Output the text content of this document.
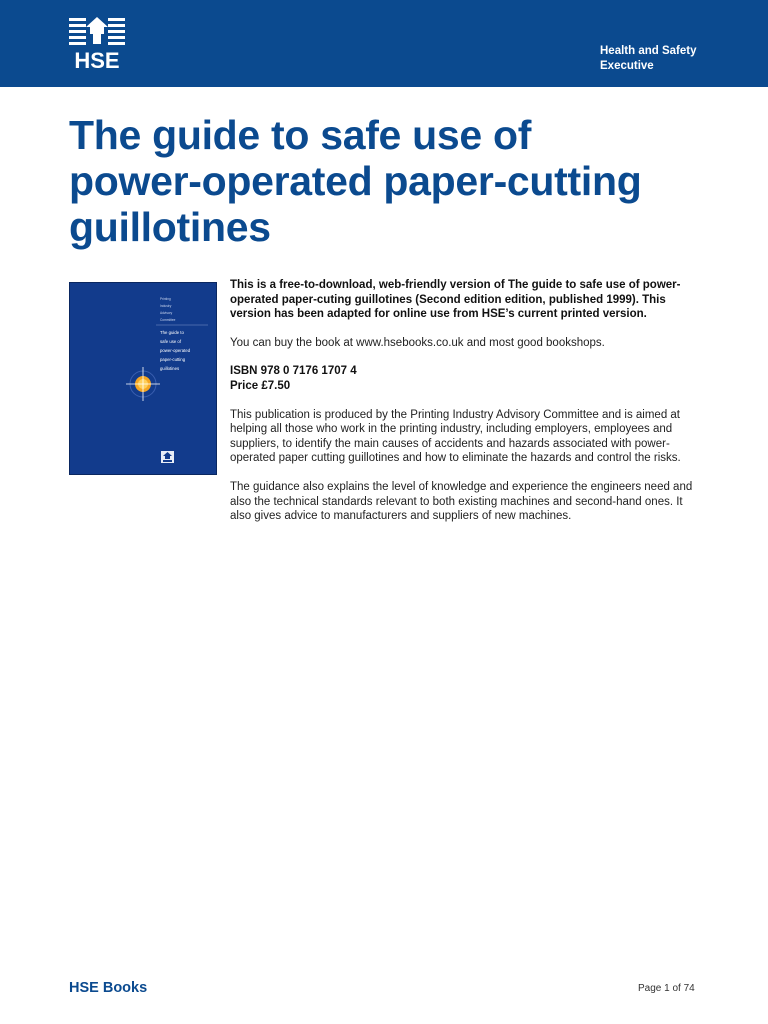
HSE	Health and Safety
Executive
The guide to safe use of
power-operated paper-cutting
guillotines
Printing
Industry
Advisory
Committee
The guide to
safe use of
power-operated
paper-cutting
guillotines

This is a free-to-download, web-friendly version of The guide to safe use of power-operated paper-cuting guillotines (Second edition edition, published 1999). This version has been adapted for online use from HSE’s current printed version.

You can buy the book at www.hsebooks.co.uk and most good bookshops.

ISBN 978 0 7176 1707 4
Price £7.50

This publication is produced by the Printing Industry Advisory Committee and is aimed at helping all those who work in the printing industry, including employers, employees and suppliers, to identify the main causes of accidents and hazards associated with power-operated paper cutting guillotines and how to eliminate the hazards and control the risks.

The guidance also explains the level of knowledge and experience the engineers need and also the technical standards relevant to both existing machines and second-hand ones. It also gives advice to manufacturers and suppliers of new machines.

HSE Books	Page 1 of 74
